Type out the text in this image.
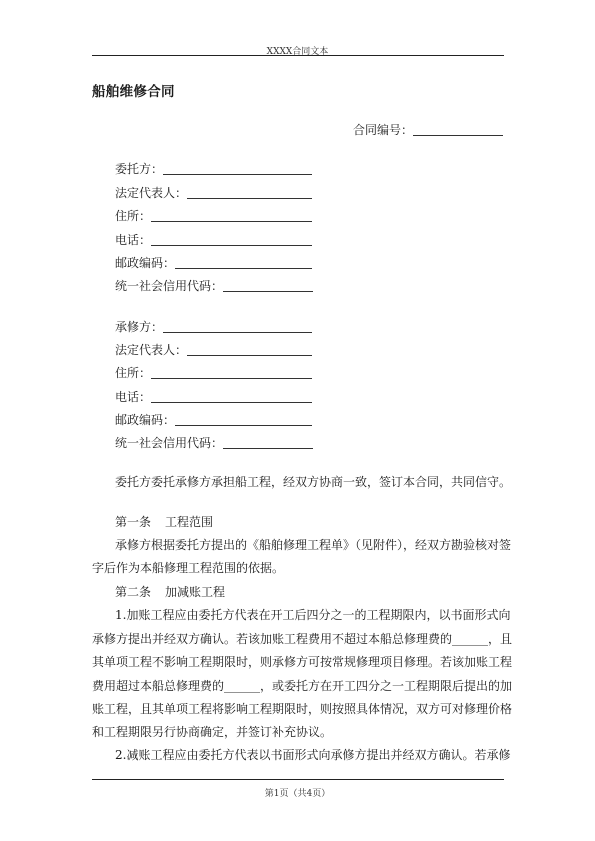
XXXX合同文本
船舶维修合同
合同编号：
委托方：
法定代表人：
住所：
电话：
邮政编码：
统一社会信用代码：
承修方：
法定代表人：
住所：
电话：
邮政编码：
统一社会信用代码：
委托方委托承修方承担船工程，经双方协商一致，签订本合同，共同信守。
第一条 工程范围
承修方根据委托方提出的《船舶修理工程单》（见附件），经双方勘验核对签
字后作为本船修理工程范围的依据。
第二条 加减账工程
1.加账工程应由委托方代表在开工后四分之一的工程期限内，以书面形式向
承修方提出并经双方确认。若该加账工程费用不超过本船总修理费的______，且
其单项工程不影响工程期限时，则承修方可按常规修理项目修理。若该加账工程
费用超过本船总修理费的______，或委托方在开工四分之一工程期限后提出的加
账工程，且其单项工程将影响工程期限时，则按照具体情况，双方可对修理价格
和工程期限另行协商确定，并签订补充协议。
2.减账工程应由委托方代表以书面形式向承修方提出并经双方确认。若承修
第1页（共4页）
